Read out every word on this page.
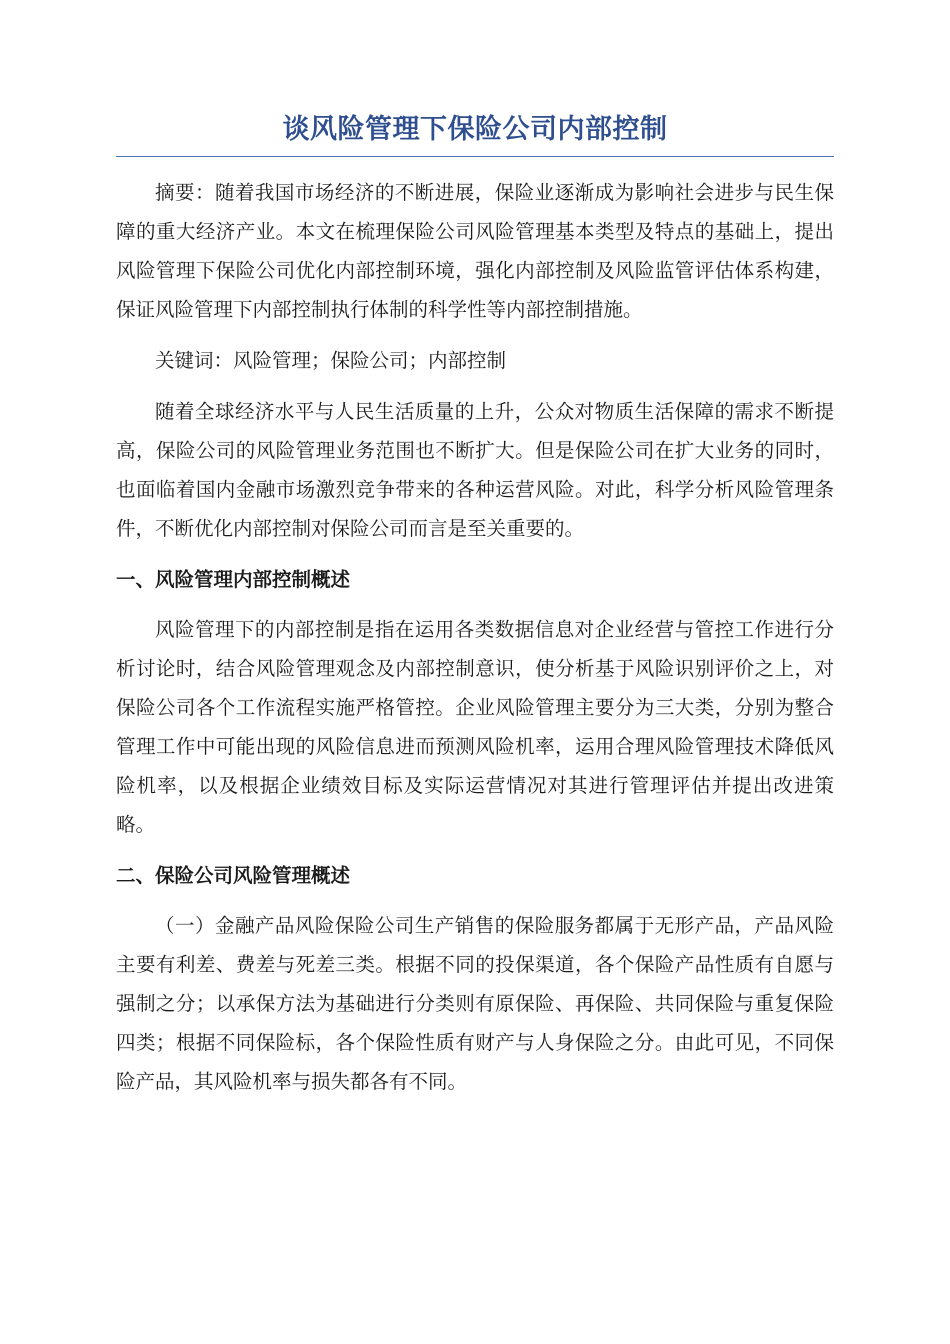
谈风险管理下保险公司内部控制

摘要：随着我国市场经济的不断进展，保险业逐渐成为影响社会进步与民生保障的重大经济产业。本文在梳理保险公司风险管理基本类型及特点的基础上，提出风险管理下保险公司优化内部控制环境，强化内部控制及风险监管评估体系构建，保证风险管理下内部控制执行体制的科学性等内部控制措施。

关键词：风险管理；保险公司；内部控制

随着全球经济水平与人民生活质量的上升，公众对物质生活保障的需求不断提高，保险公司的风险管理业务范围也不断扩大。但是保险公司在扩大业务的同时，也面临着国内金融市场激烈竞争带来的各种运营风险。对此，科学分析风险管理条件，不断优化内部控制对保险公司而言是至关重要的。

一、风险管理内部控制概述

风险管理下的内部控制是指在运用各类数据信息对企业经营与管控工作进行分析讨论时，结合风险管理观念及内部控制意识，使分析基于风险识别评价之上，对保险公司各个工作流程实施严格管控。企业风险管理主要分为三大类，分别为整合管理工作中可能出现的风险信息进而预测风险机率，运用合理风险管理技术降低风险机率，以及根据企业绩效目标及实际运营情况对其进行管理评估并提出改进策略。

二、保险公司风险管理概述

（一）金融产品风险保险公司生产销售的保险服务都属于无形产品，产品风险主要有利差、费差与死差三类。根据不同的投保渠道，各个保险产品性质有自愿与强制之分；以承保方法为基础进行分类则有原保险、再保险、共同保险与重复保险四类；根据不同保险标，各个保险性质有财产与人身保险之分。由此可见，不同保险产品，其风险机率与损失都各有不同。
